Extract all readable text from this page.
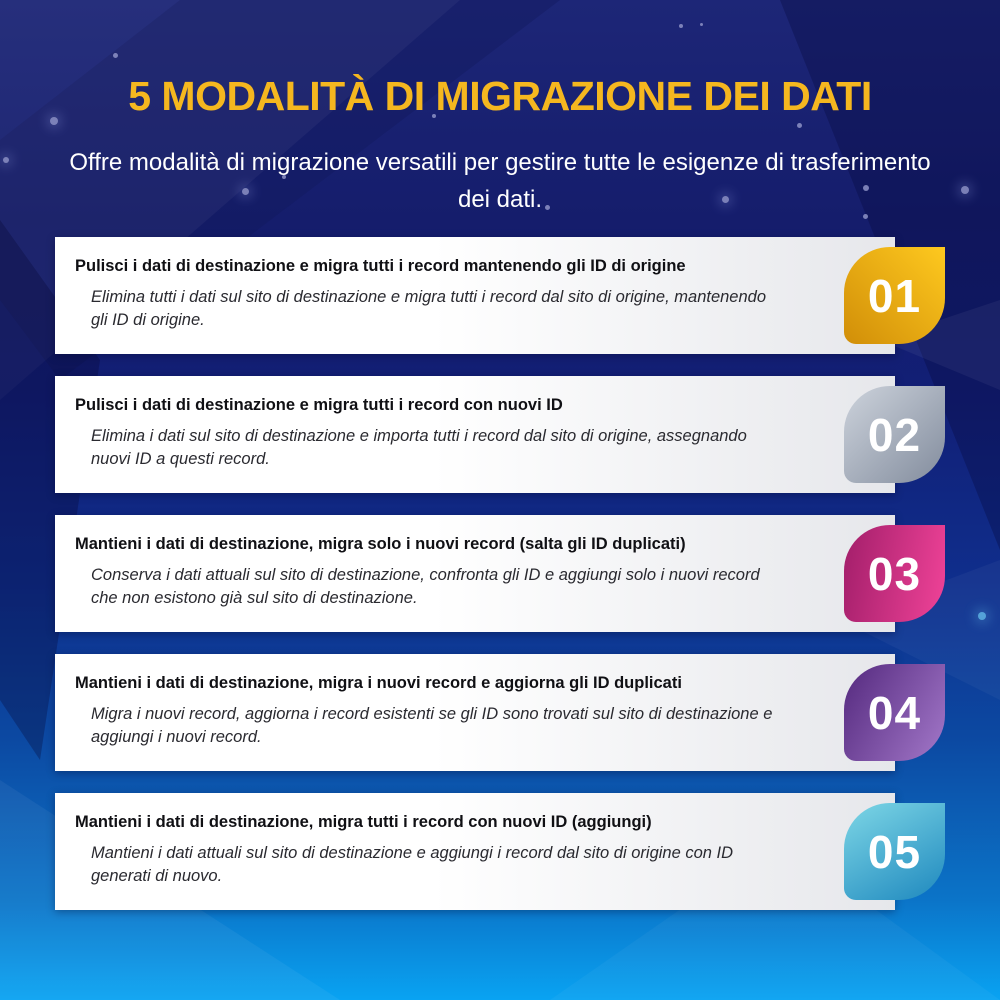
5 MODALITÀ DI MIGRAZIONE DEI DATI

Offre modalità di migrazione versatili per gestire tutte le esigenze di trasferimento dei dati.

Pulisci i dati di destinazione e migra tutti i record mantenendo gli ID di origine

Elimina tutti i dati sul sito di destinazione e migra tutti i record dal sito di origine, mantenendo gli ID di origine.	01

Pulisci i dati di destinazione e migra tutti i record con nuovi ID

Elimina i dati sul sito di destinazione e importa tutti i record dal sito di origine, assegnando nuovi ID a questi record.	02

Mantieni i dati di destinazione, migra solo i nuovi record (salta gli ID duplicati)

Conserva i dati attuali sul sito di destinazione, confronta gli ID e aggiungi solo i nuovi record che non esistono già sul sito di destinazione.	03

Mantieni i dati di destinazione, migra i nuovi record e aggiorna gli ID duplicati

Migra i nuovi record, aggiorna i record esistenti se gli ID sono trovati sul sito di destinazione e aggiungi i nuovi record.	04

Mantieni i dati di destinazione, migra tutti i record con nuovi ID (aggiungi)

Mantieni i dati attuali sul sito di destinazione e aggiungi i record dal sito di origine con ID generati di nuovo.	05
